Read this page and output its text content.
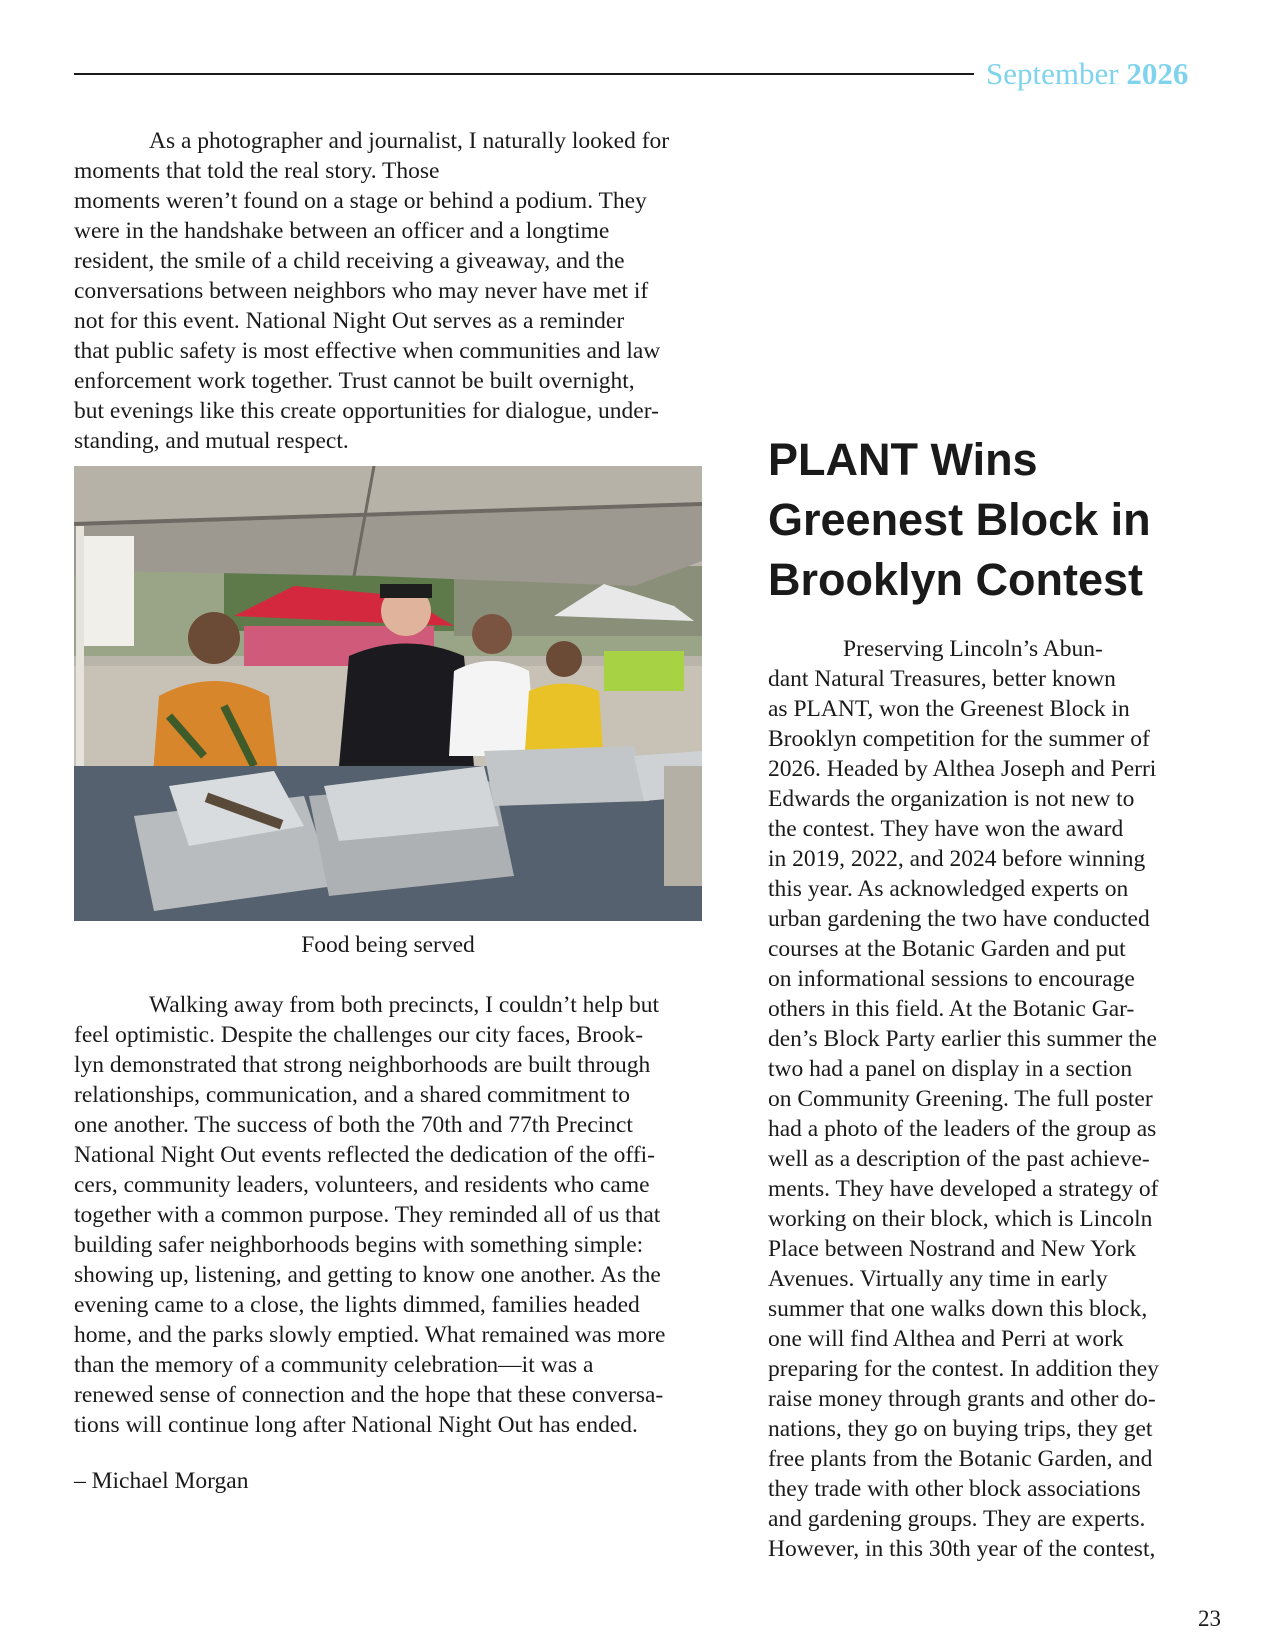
September 2026

As a photographer and journalist, I naturally looked for
moments that told the real story. Those
moments weren’t found on a stage or behind a podium. They
were in the handshake between an officer and a longtime
resident, the smile of a child receiving a giveaway, and the
conversations between neighbors who may never have met if
not for this event. National Night Out serves as a reminder
that public safety is most effective when communities and law
enforcement work together. Trust cannot be built overnight,
but evenings like this create opportunities for dialogue, under-
standing, and mutual respect.

Food being served

Walking away from both precincts, I couldn’t help but
feel optimistic. Despite the challenges our city faces, Brook-
lyn demonstrated that strong neighborhoods are built through
relationships, communication, and a shared commitment to
one another. The success of both the 70th and 77th Precinct
National Night Out events reflected the dedication of the offi-
cers, community leaders, volunteers, and residents who came
together with a common purpose. They reminded all of us that
building safer neighborhoods begins with something simple:
showing up, listening, and getting to know one another. As the
evening came to a close, the lights dimmed, families headed
home, and the parks slowly emptied. What remained was more
than the memory of a community celebration—it was a
renewed sense of connection and the hope that these conversa-
tions will continue long after National Night Out has ended.

– Michael Morgan
PLANT Wins
Greenest Block in
Brooklyn Contest

Preserving Lincoln’s Abun-
dant Natural Treasures, better known
as PLANT, won the Greenest Block in
Brooklyn competition for the summer of
2026. Headed by Althea Joseph and Perri
Edwards the organization is not new to
the contest. They have won the award
in 2019, 2022, and 2024 before winning
this year. As acknowledged experts on
urban gardening the two have conducted
courses at the Botanic Garden and put
on informational sessions to encourage
others in this field. At the Botanic Gar-
den’s Block Party earlier this summer the
two had a panel on display in a section
on Community Greening. The full poster
had a photo of the leaders of the group as
well as a description of the past achieve-
ments. They have developed a strategy of
working on their block, which is Lincoln
Place between Nostrand and New York
Avenues. Virtually any time in early
summer that one walks down this block,
one will find Althea and Perri at work
preparing for the contest. In addition they
raise money through grants and other do-
nations, they go on buying trips, they get
free plants from the Botanic Garden, and
they trade with other block associations
and gardening groups. They are experts.
However, in this 30th year of the contest,

23
